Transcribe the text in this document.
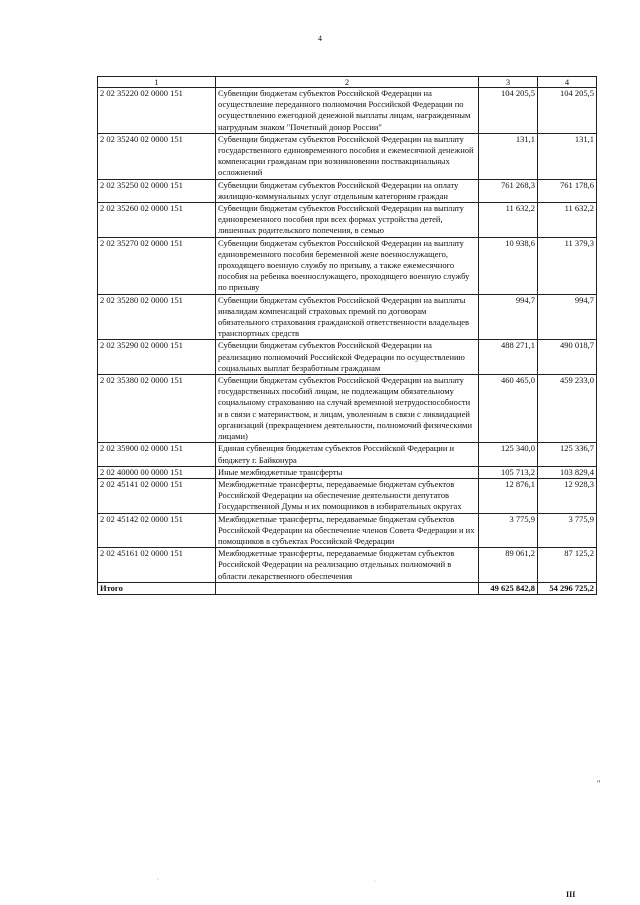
4
1	2	3	4
2 02 35220 02 0000 151	Субвенции бюджетам субъектов Российской Федерации на осуществление переданного полномочия Российской Федерации по осуществлению ежегодной денежной выплаты лицам, награжденным нагрудным знаком "Почетный донор России"	104 205,5	104 205,5
2 02 35240 02 0000 151	Субвенции бюджетам субъектов Российской Федерации на выплату государственного единовременного пособия и ежемесячной денежной компенсации гражданам при возникновении поствакцинальных осложнений	131,1	131,1
2 02 35250 02 0000 151	Субвенции бюджетам субъектов Российской Федерации на оплату жилищно-коммунальных услуг отдельным категориям граждан	761 268,3	761 178,6
2 02 35260 02 0000 151	Субвенции бюджетам субъектов Российской Федерации на выплату единовременного пособия при всех формах устройства детей, лишенных родительского попечения, в семью	11 632,2	11 632,2
2 02 35270 02 0000 151	Субвенции бюджетам субъектов Российской Федерации на выплату единовременного пособия беременной жене военнослужащего, проходящего военную службу по призыву, а также ежемесячного пособия на ребенка военнослужащего, проходящего военную службу по призыву	10 938,6	11 379,3
2 02 35280 02 0000 151	Субвенции бюджетам субъектов Российской Федерации на выплаты инвалидам компенсаций страховых премий по договорам обязательного страхования гражданской ответственности владельцев транспортных средств	994,7	994,7
2 02 35290 02 0000 151	Субвенции бюджетам субъектов Российской Федерации на реализацию полномочий Российской Федерации по осуществлению социальных выплат безработным гражданам	488 271,1	490 018,7
2 02 35380 02 0000 151	Субвенции бюджетам субъектов Российской Федерации на выплату государственных пособий лицам, не подлежащим обязательному социальному страхованию на случай временной нетрудоспособности и в связи с материнством, и лицам, уволенным в связи с ликвидацией организаций (прекращением деятельности, полномочий физическими лицами)	460 465,0	459 233,0
2 02 35900 02 0000 151	Единая субвенция бюджетам субъектов Российской Федерации и бюджету г. Байконура	125 340,0	125 336,7
2 02 40000 00 0000 151	Иные межбюджетные трансферты	105 713,2	103 829,4
2 02 45141 02 0000 151	Межбюджетные трансферты, передаваемые бюджетам субъектов Российской Федерации на обеспечение деятельности депутатов Государственной Думы и их помощников в избирательных округах	12 876,1	12 928,3
2 02 45142 02 0000 151	Межбюджетные трансферты, передаваемые бюджетам субъектов Российской Федерации на обеспечение членов Совета Федерации и их помощников в субъектах Российской Федерации	3 775,9	3 775,9
2 02 45161 02 0000 151	Межбюджетные трансферты, передаваемые бюджетам субъектов Российской Федерации на реализацию отдельных полномочий в области лекарственного обеспечения	89 061,2	87 125,2
Итого		49 625 842,8	54 296 725,2
"
III
·	·
